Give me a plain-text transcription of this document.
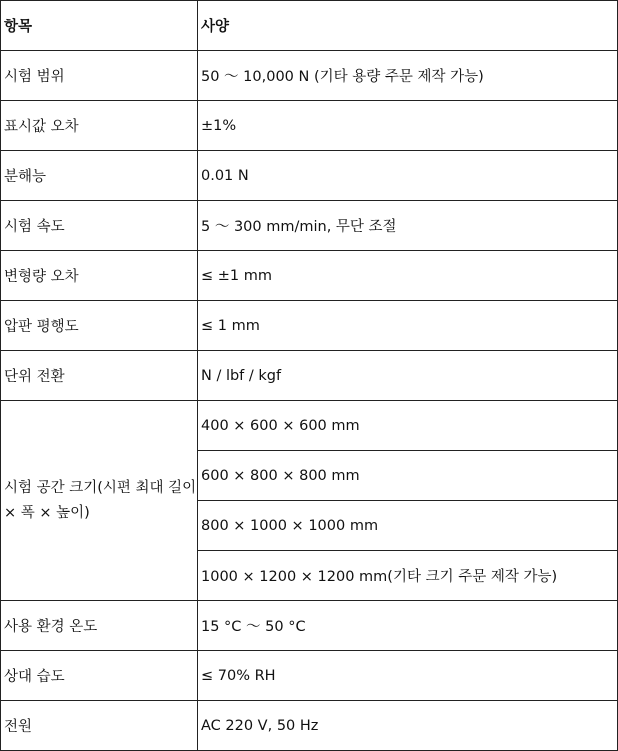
항목	사양
시험 범위	50 ～ 10,000 N (기타 용량 주문 제작 가능)
표시값 오차	±1%
분해능	0.01 N
시험 속도	5 ～ 300 mm/min, 무단 조절
변형량 오차	≤ ±1 mm
압판 평행도	≤ 1 mm
단위 전환	N / lbf / kgf
시험 공간 크기(시편 최대 길이 × 폭 × 높이)	400 × 600 × 600 mm
	600 × 800 × 800 mm
	800 × 1000 × 1000 mm
	1000 × 1200 × 1200 mm(기타 크기 주문 제작 가능)
사용 환경 온도	15 °C ～ 50 °C
상대 습도	≤ 70% RH
전원	AC 220 V, 50 Hz
